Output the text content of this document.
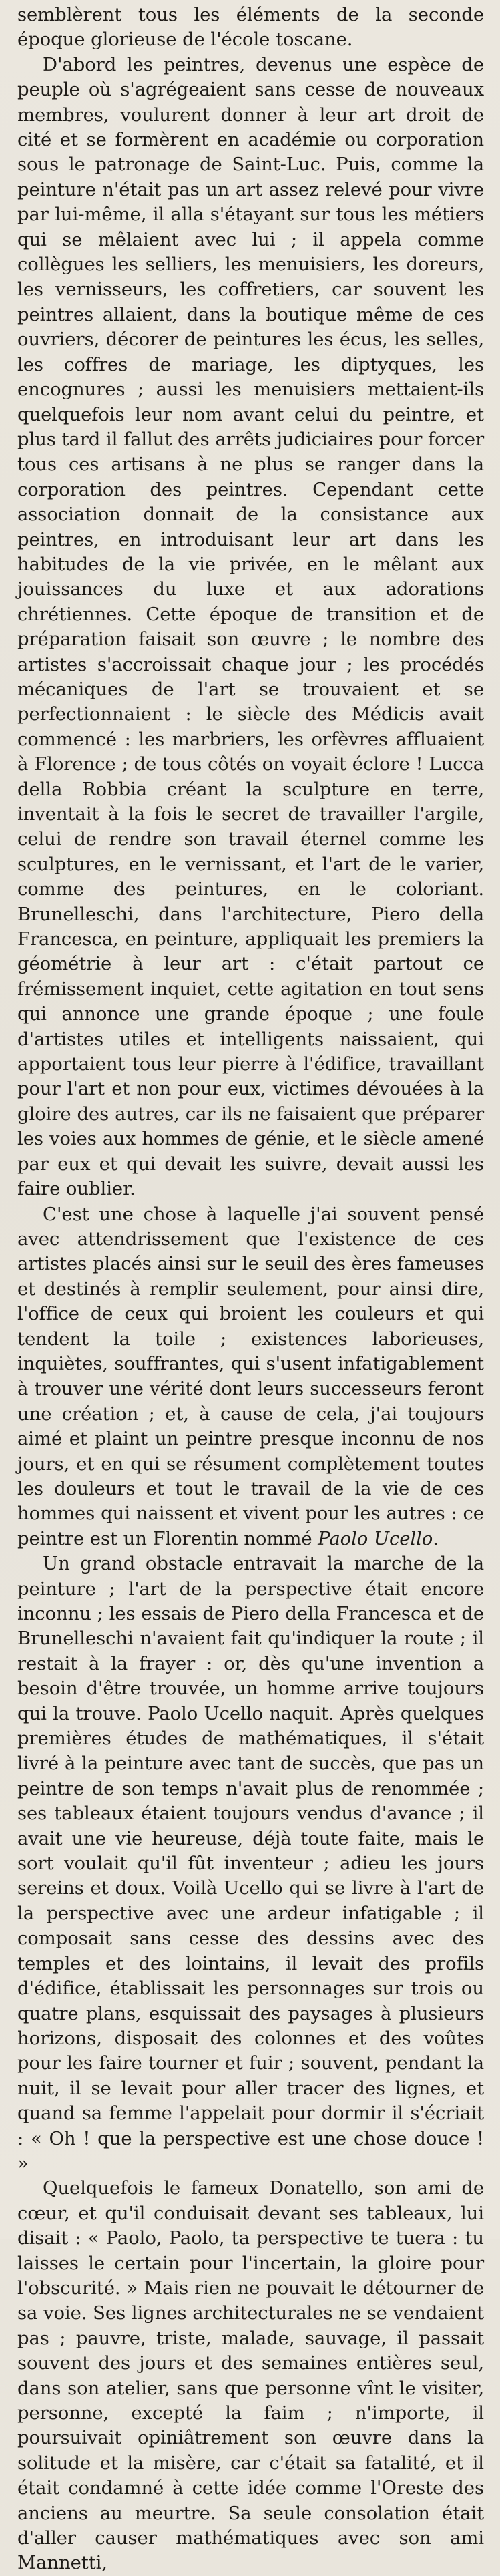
semblèrent tous les éléments de la seconde époque glorieuse de l'école toscane.

D'abord les peintres, devenus une espèce de peuple où s'agrégeaient sans cesse de nouveaux membres, voulurent donner à leur art droit de cité et se formèrent en académie ou corporation sous le patronage de Saint-Luc. Puis, comme la peinture n'était pas un art assez relevé pour vivre par lui-même, il alla s'étayant sur tous les métiers qui se mêlaient avec lui ; il appela comme collègues les selliers, les menuisiers, les doreurs, les vernisseurs, les coffretiers, car souvent les peintres allaient, dans la boutique même de ces ouvriers, décorer de peintures les écus, les selles, les coffres de mariage, les diptyques, les encognures ; aussi les menuisiers mettaient-ils quelquefois leur nom avant celui du peintre, et plus tard il fallut des arrêts judiciaires pour forcer tous ces artisans à ne plus se ranger dans la corporation des peintres. Cependant cette association donnait de la consistance aux peintres, en introduisant leur art dans les habitudes de la vie privée, en le mêlant aux jouissances du luxe et aux adorations chrétiennes. Cette époque de transition et de préparation faisait son œuvre ; le nombre des artistes s'accroissait chaque jour ; les procédés mécaniques de l'art se trouvaient et se perfectionnaient : le siècle des Médicis avait commencé : les marbriers, les orfèvres affluaient à Florence ; de tous côtés on voyait éclore ! Lucca della Robbia créant la sculpture en terre, inventait à la fois le secret de travailler l'argile, celui de rendre son travail éternel comme les sculptures, en le vernissant, et l'art de le varier, comme des peintures, en le coloriant. Brunelleschi, dans l'architecture, Piero della Francesca, en peinture, appliquait les premiers la géométrie à leur art : c'était partout ce frémissement inquiet, cette agitation en tout sens qui annonce une grande époque ; une foule d'artistes utiles et intelligents naissaient, qui apportaient tous leur pierre à l'édifice, travaillant pour l'art et non pour eux, victimes dévouées à la gloire des autres, car ils ne faisaient que préparer les voies aux hommes de génie, et le siècle amené par eux et qui devait les suivre, devait aussi les faire oublier.

C'est une chose à laquelle j'ai souvent pensé avec attendrissement que l'existence de ces artistes placés ainsi sur le seuil des ères fameuses et destinés à remplir seulement, pour ainsi dire, l'office de ceux qui broient les couleurs et qui tendent la toile ; existences laborieuses, inquiètes, souffrantes, qui s'usent infatigablement à trouver une vérité dont leurs successeurs feront une création ; et, à cause de cela, j'ai toujours aimé et plaint un peintre presque inconnu de nos jours, et en qui se résument complètement toutes les douleurs et tout le travail de la vie de ces hommes qui naissent et vivent pour les autres : ce peintre est un Florentin nommé Paolo Ucello.

Un grand obstacle entravait la marche de la peinture ; l'art de la perspective était encore inconnu ; les essais de Piero della Francesca et de Brunelleschi n'avaient fait qu'indiquer la route ; il restait à la frayer : or, dès qu'une invention a besoin d'être trouvée, un homme arrive toujours qui la trouve. Paolo Ucello naquit. Après quelques premières études de mathématiques, il s'était livré à la peinture avec tant de succès, que pas un peintre de son temps n'avait plus de renommée ; ses tableaux étaient toujours vendus d'avance ; il avait une vie heureuse, déjà toute faite, mais le sort voulait qu'il fût inventeur ; adieu les jours sereins et doux. Voilà Ucello qui se livre à l'art de la perspective avec une ardeur infatigable ; il composait sans cesse des dessins avec des temples et des lointains, il levait des profils d'édifice, établissait les personnages sur trois ou quatre plans, esquissait des paysages à plusieurs horizons, disposait des colonnes et des voûtes pour les faire tourner et fuir ; souvent, pendant la nuit, il se levait pour aller tracer des lignes, et quand sa femme l'appelait pour dormir il s'écriait : « Oh ! que la perspective est une chose douce ! »

Quelquefois le fameux Donatello, son ami de cœur, et qu'il conduisait devant ses tableaux, lui disait : « Paolo, Paolo, ta perspective te tuera : tu laisses le certain pour l'incertain, la gloire pour l'obscurité. » Mais rien ne pouvait le détourner de sa voie. Ses lignes architecturales ne se vendaient pas ; pauvre, triste, malade, sauvage, il passait souvent des jours et des semaines entières seul, dans son atelier, sans que personne vînt le visiter, personne, excepté la faim ; n'importe, il poursuivait opiniâtrement son œuvre dans la solitude et la misère, car c'était sa fatalité, et il était condamné à cette idée comme l'Oreste des anciens au meurtre. Sa seule consolation était d'aller causer mathématiques avec son ami Mannetti,
